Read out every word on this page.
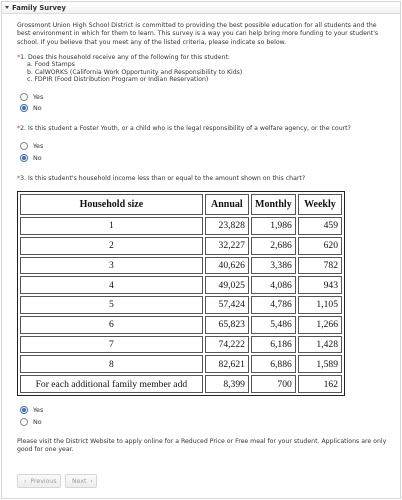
Family Survey

Grossmont Union High School District is committed to providing the best possible education for all students and the best environment in which for them to learn. This survey is a way you can help bring more funding to your student's school. If you believe that you meet any of the listed criteria, please indicate so below.

*1. Does this household receive any of the following for this student:
a. Food Stamps
b. CalWORKS (California Work Opportunity and Responsibility to Kids)
c. FDPIR (Food Distribution Program or Indian Reservation)
Yes
No
*2. Is this student a Foster Youth, or a child who is the legal responsibility of a welfare agency, or the court?
Yes
No
*3. Is this student's household income less than or equal to the amount shown on this chart?
Household size	Annual	Monthly	Weekly
1	23,828	1,986	459
2	32,227	2,686	620
3	40,626	3,386	782
4	49,025	4,086	943
5	57,424	4,786	1,105
6	65,823	5,486	1,266
7	74,222	6,186	1,428
8	82,621	6,886	1,589
For each additional family member add	8,399	700	162
Yes
No

Please visit the District Website to apply online for a Reduced Price or Free meal for your student. Applications are only good for one year.

‹ Previous Next ›
